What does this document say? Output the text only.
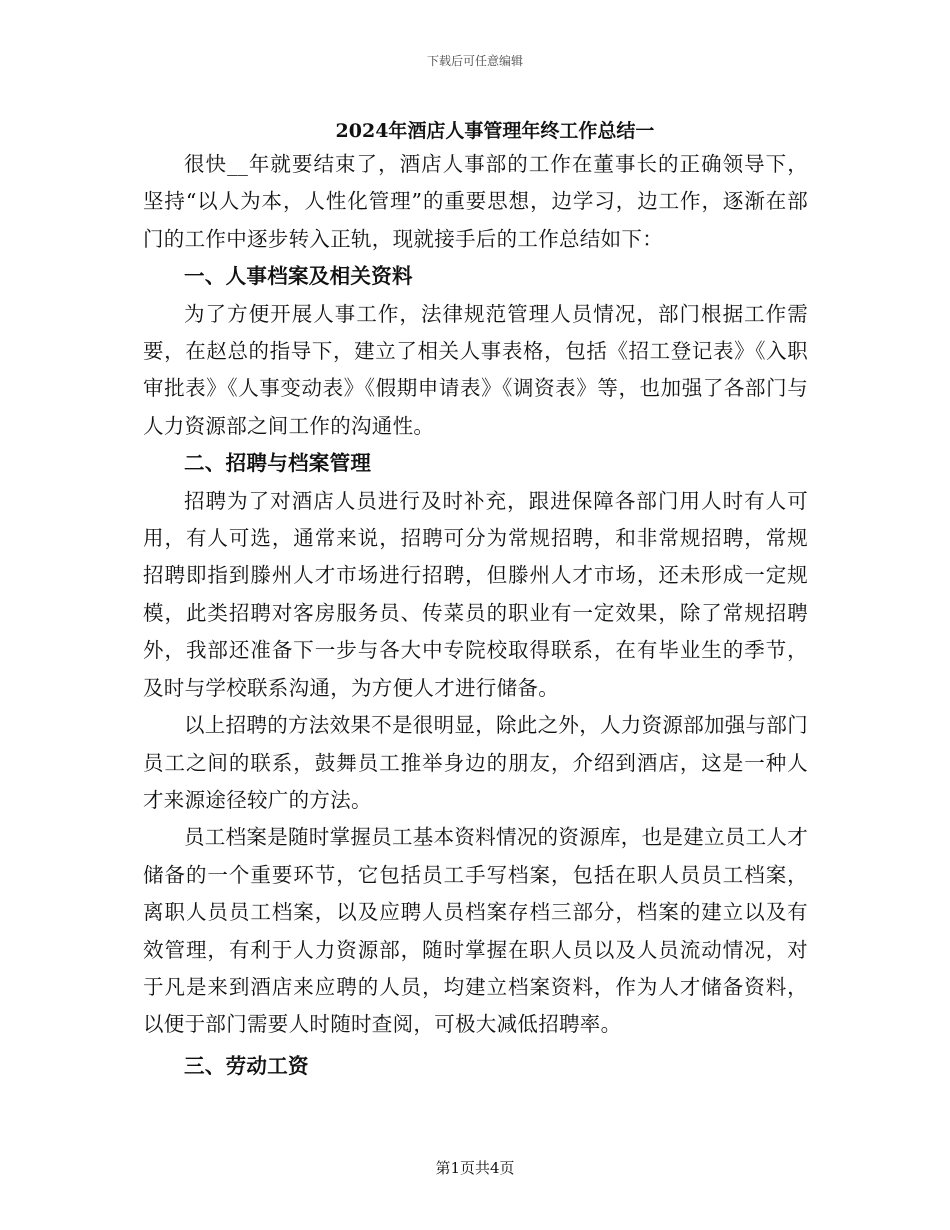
下载后可任意编辑
2024年酒店人事管理年终工作总结一

很快__年就要结束了，酒店人事部的工作在董事长的正确领导下，坚持“以人为本，人性化管理”的重要思想，边学习，边工作，逐渐在部门的工作中逐步转入正轨，现就接手后的工作总结如下：

一、人事档案及相关资料

为了方便开展人事工作，法律规范管理人员情况，部门根据工作需要，在赵总的指导下，建立了相关人事表格，包括《招工登记表》《入职审批表》《人事变动表》《假期申请表》《调资表》等，也加强了各部门与人力资源部之间工作的沟通性。

二、招聘与档案管理

招聘为了对酒店人员进行及时补充，跟进保障各部门用人时有人可用，有人可选，通常来说，招聘可分为常规招聘，和非常规招聘，常规招聘即指到滕州人才市场进行招聘，但滕州人才市场，还未形成一定规模，此类招聘对客房服务员、传菜员的职业有一定效果，除了常规招聘外，我部还准备下一步与各大中专院校取得联系，在有毕业生的季节，及时与学校联系沟通，为方便人才进行储备。

以上招聘的方法效果不是很明显，除此之外，人力资源部加强与部门员工之间的联系，鼓舞员工推举身边的朋友，介绍到酒店，这是一种人才来源途径较广的方法。

员工档案是随时掌握员工基本资料情况的资源库，也是建立员工人才储备的一个重要环节，它包括员工手写档案，包括在职人员员工档案，离职人员员工档案，以及应聘人员档案存档三部分，档案的建立以及有效管理，有利于人力资源部，随时掌握在职人员以及人员流动情况，对于凡是来到酒店来应聘的人员，均建立档案资料，作为人才储备资料，以便于部门需要人时随时查阅，可极大减低招聘率。

三、劳动工资
第1页共4页
